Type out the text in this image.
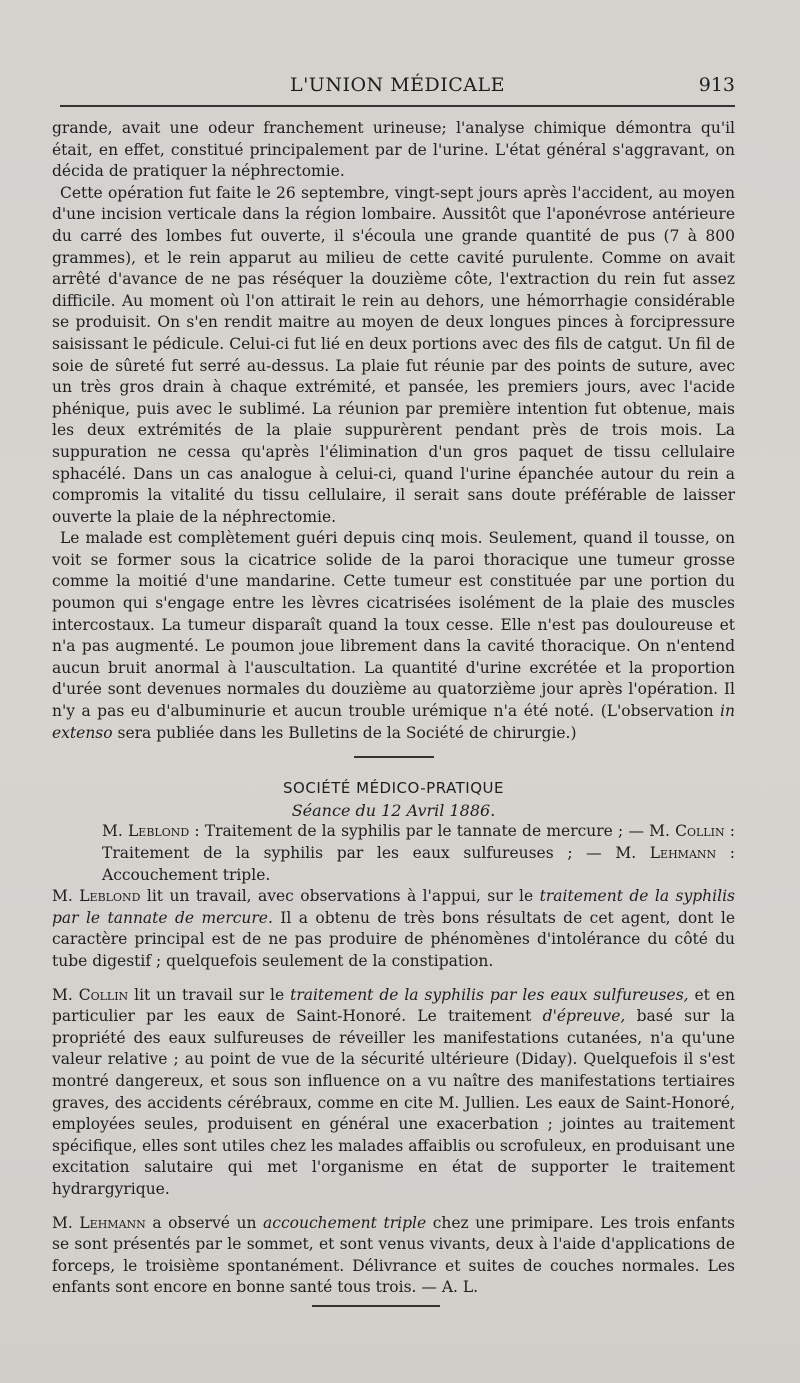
L'UNION MÉDICALE	913

grande, avait une odeur franchement urineuse; l'analyse chimique démontra qu'il était, en effet, constitué principalement par de l'urine. L'état général s'aggravant, on décida de pratiquer la néphrectomie.

Cette opération fut faite le 26 septembre, vingt-sept jours après l'accident, au moyen d'une incision verticale dans la région lombaire. Aussitôt que l'aponévrose antérieure du carré des lombes fut ouverte, il s'écoula une grande quantité de pus (7 à 800 grammes), et le rein apparut au milieu de cette cavité purulente. Comme on avait arrêté d'avance de ne pas réséquer la douzième côte, l'extraction du rein fut assez difficile. Au moment où l'on attirait le rein au dehors, une hémorrhagie considérable se produisit. On s'en rendit maitre au moyen de deux longues pinces à forcipressure saisissant le pédicule. Celui-ci fut lié en deux portions avec des fils de catgut. Un fil de soie de sûreté fut serré au-dessus. La plaie fut réunie par des points de suture, avec un très gros drain à chaque extrémité, et pansée, les premiers jours, avec l'acide phénique, puis avec le sublimé. La réunion par première intention fut obtenue, mais les deux extrémités de la plaie suppurèrent pendant près de trois mois. La suppuration ne cessa qu'après l'élimination d'un gros paquet de tissu cellulaire sphacélé. Dans un cas analogue à celui-ci, quand l'urine épanchée autour du rein a compromis la vitalité du tissu cellulaire, il serait sans doute préférable de laisser ouverte la plaie de la néphrectomie.

Le malade est complètement guéri depuis cinq mois. Seulement, quand il tousse, on voit se former sous la cicatrice solide de la paroi thoracique une tumeur grosse comme la moitié d'une mandarine. Cette tumeur est constituée par une portion du poumon qui s'engage entre les lèvres cicatrisées isolément de la plaie des muscles intercostaux. La tumeur disparaît quand la toux cesse. Elle n'est pas douloureuse et n'a pas augmenté. Le poumon joue librement dans la cavité thoracique. On n'entend aucun bruit anormal à l'auscultation. La quantité d'urine excrétée et la proportion d'urée sont devenues normales du douzième au quatorzième jour après l'opération. Il n'y a pas eu d'albuminurie et aucun trouble urémique n'a été noté. (L'observation in extenso sera publiée dans les Bulletins de la Société de chirurgie.)

SOCIÉTÉ MÉDICO-PRATIQUE

Séance du 12 Avril 1886.

M. Leblond : Traitement de la syphilis par le tannate de mercure ; — M. Collin : Traitement de la syphilis par les eaux sulfureuses ; — M. Lehmann : Accouchement triple.

M. Leblond lit un travail, avec observations à l'appui, sur le traitement de la syphilis par le tannate de mercure. Il a obtenu de très bons résultats de cet agent, dont le caractère principal est de ne pas produire de phénomènes d'intolérance du côté du tube digestif ; quelquefois seulement de la constipation.

M. Collin lit un travail sur le traitement de la syphilis par les eaux sulfureuses, et en particulier par les eaux de Saint-Honoré. Le traitement d'épreuve, basé sur la propriété des eaux sulfureuses de réveiller les manifestations cutanées, n'a qu'une valeur relative ; au point de vue de la sécurité ultérieure (Diday). Quelquefois il s'est montré dangereux, et sous son influence on a vu naître des manifestations tertiaires graves, des accidents cérébraux, comme en cite M. Jullien. Les eaux de Saint-Honoré, employées seules, produisent en général une exacerbation ; jointes au traitement spécifique, elles sont utiles chez les malades affaiblis ou scrofuleux, en produisant une excitation salutaire qui met l'organisme en état de supporter le traitement hydrargyrique.

M. Lehmann a observé un accouchement triple chez une primipare. Les trois enfants se sont présentés par le sommet, et sont venus vivants, deux à l'aide d'applications de forceps, le troisième spontanément. Délivrance et suites de couches normales. Les enfants sont encore en bonne santé tous trois. — A. L.
